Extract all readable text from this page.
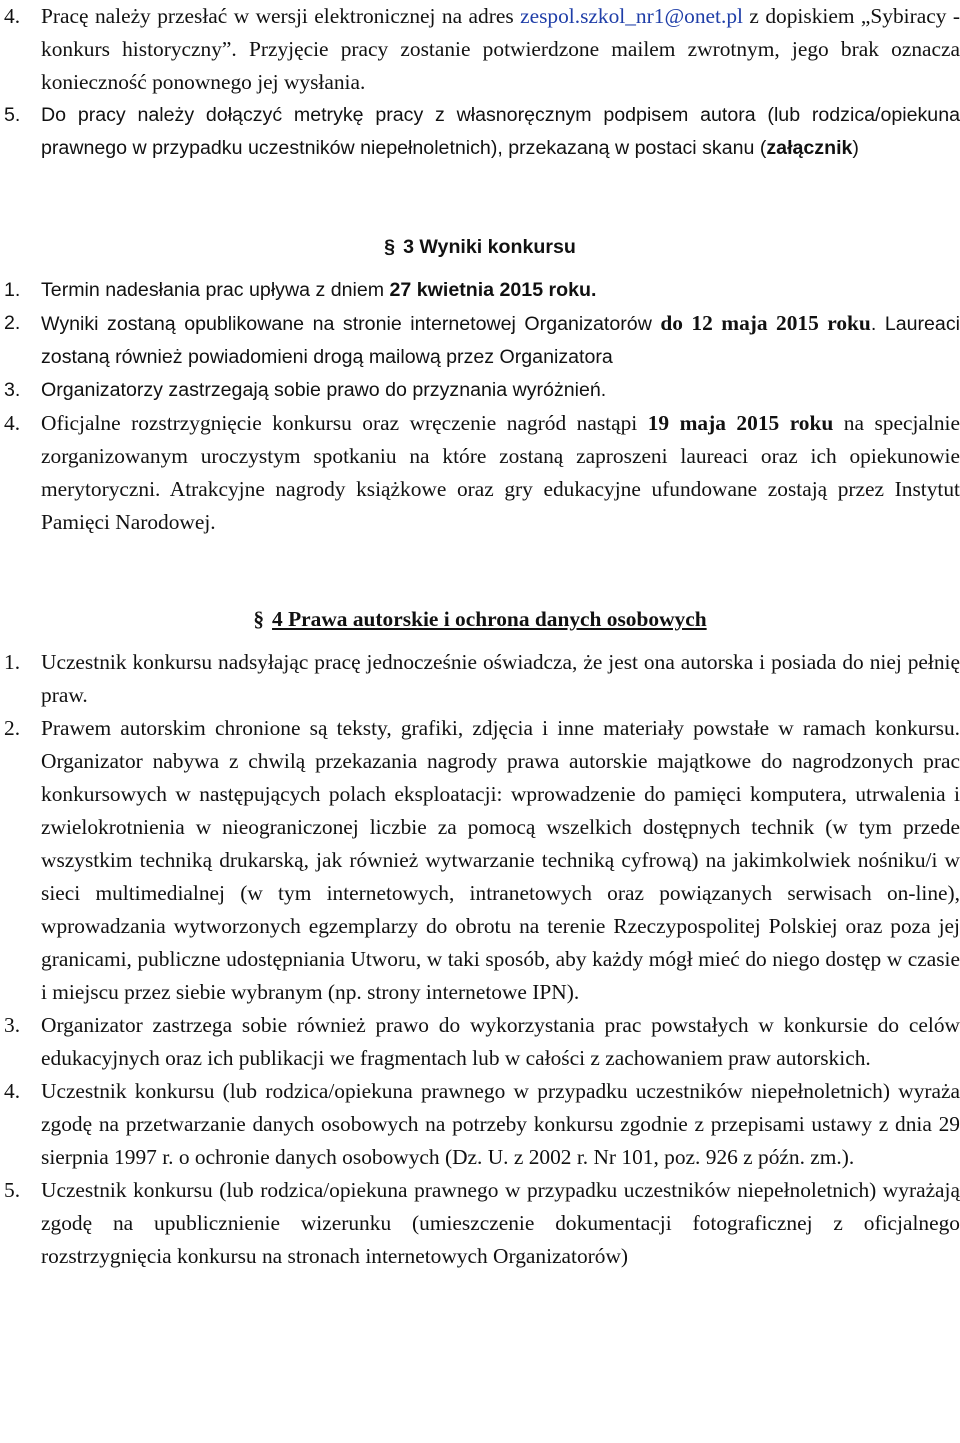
4. Pracę należy przesłać w wersji elektronicznej na adres zespol.szkol_nr1@onet.pl z dopiskiem „Sybiracy - konkurs historyczny”. Przyjęcie pracy zostanie potwierdzone mailem zwrotnym, jego brak oznacza konieczność ponownego jej wysłania.
5. Do pracy należy dołączyć metrykę pracy z własnoręcznym podpisem autora (lub rodzica/opiekuna prawnego w przypadku uczestników niepełnoletnich), przekazaną w postaci skanu (załącznik)
§ 3 Wyniki konkursu
1. Termin nadesłania prac upływa z dniem 27 kwietnia 2015 roku.
2. Wyniki zostaną opublikowane na stronie internetowej Organizatorów do 12 maja 2015 roku. Laureaci zostaną również powiadomieni drogą mailową przez Organizatora
3. Organizatorzy zastrzegają sobie prawo do przyznania wyróżnień.
4. Oficjalne rozstrzygnięcie konkursu oraz wręczenie nagród nastąpi 19 maja 2015 roku na specjalnie zorganizowanym uroczystym spotkaniu na które zostaną zaproszeni laureaci oraz ich opiekunowie merytoryczni. Atrakcyjne nagrody książkowe oraz gry edukacyjne ufundowane zostają przez Instytut Pamięci Narodowej.
§ 4 Prawa autorskie i ochrona danych osobowych
1. Uczestnik konkursu nadsyłając pracę jednocześnie oświadcza, że jest ona autorska i posiada do niej pełnię praw.
2. Prawem autorskim chronione są teksty, grafiki, zdjęcia i inne materiały powstałe w ramach konkursu. Organizator nabywa z chwilą przekazania nagrody prawa autorskie majątkowe do nagrodzonych prac konkursowych w następujących polach eksploatacji: wprowadzenie do pamięci komputera, utrwalenia i zwielokrotnienia w nieograniczonej liczbie za pomocą wszelkich dostępnych technik (w tym przede wszystkim techniką drukarską, jak również wytwarzanie techniką cyfrową) na jakimkolwiek nośniku/i w sieci multimedialnej (w tym internetowych, intranetowych oraz powiązanych serwisach on-line), wprowadzania wytworzonych egzemplarzy do obrotu na terenie Rzeczypospolitej Polskiej oraz poza jej granicami, publiczne udostępniania Utworu, w taki sposób, aby każdy mógł mieć do niego dostęp w czasie i miejscu przez siebie wybranym (np. strony internetowe IPN).
3. Organizator zastrzega sobie również prawo do wykorzystania prac powstałych w konkursie do celów edukacyjnych oraz ich publikacji we fragmentach lub w całości z zachowaniem praw autorskich.
4. Uczestnik konkursu (lub rodzica/opiekuna prawnego w przypadku uczestników niepełnoletnich) wyraża zgodę na przetwarzanie danych osobowych na potrzeby konkursu zgodnie z przepisami ustawy z dnia 29 sierpnia 1997 r. o ochronie danych osobowych (Dz. U. z 2002 r. Nr 101, poz. 926 z późn. zm.).
5. Uczestnik konkursu (lub rodzica/opiekuna prawnego w przypadku uczestników niepełnoletnich) wyrażają zgodę na upublicznienie wizerunku (umieszczenie dokumentacji fotograficznej z oficjalnego rozstrzygnięcia konkursu na stronach internetowych Organizatorów)
